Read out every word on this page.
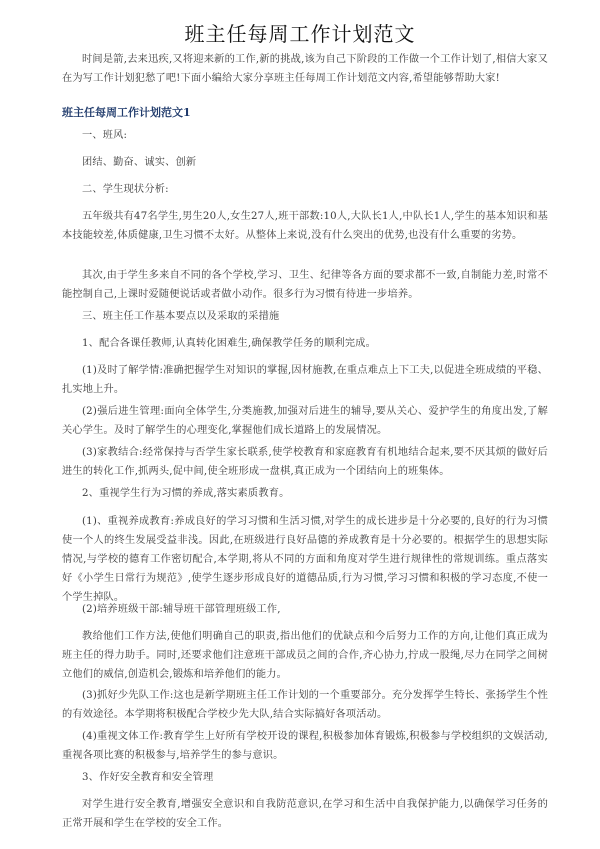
班主任每周工作计划范文
时间是箭,去来迅疾,又将迎来新的工作,新的挑战,该为自己下阶段的工作做一个工作计划了,相信大家又在为写工作计划犯愁了吧!下面小编给大家分享班主任每周工作计划范文内容,希望能够帮助大家!
班主任每周工作计划范文1
一、班风:
团结、勤奋、诚实、创新
二、学生现状分析:
五年级共有47名学生,男生20人,女生27人,班干部数:10人,大队长1人,中队长1人,学生的基本知识和基本技能较差,体质健康,卫生习惯不太好。从整体上来说,没有什么突出的优势,也没有什么重要的劣势。
其次,由于学生多来自不同的各个学校,学习、卫生、纪律等各方面的要求都不一致,自制能力差,时常不能控制自己,上课时爱随便说话或者做小动作。很多行为习惯有待进一步培养。
三、班主任工作基本要点以及采取的采措施
1、配合各课任教师,认真转化困难生,确保教学任务的顺利完成。
(1)及时了解学情:准确把握学生对知识的掌握,因材施教,在重点难点上下工夫,以促进全班成绩的平稳、扎实地上升。
(2)强后进生管理:面向全体学生,分类施教,加强对后进生的辅导,要从关心、爱护学生的角度出发,了解关心学生。及时了解学生的心理变化,掌握他们成长道路上的发展情况。
(3)家教结合:经常保持与否学生家长联系,使学校教育和家庭教育有机地结合起来,要不厌其烦的做好后进生的转化工作,抓两头,促中间,使全班形成一盘棋,真正成为一个团结向上的班集体。
2、重视学生行为习惯的养成,落实素质教育。
(1)、重视养成教育:养成良好的学习习惯和生活习惯,对学生的成长进步是十分必要的,良好的行为习惯使一个人的终生发展受益非浅。因此,在班级进行良好品德的养成教育是十分必要的。根据学生的思想实际情况,与学校的德育工作密切配合,本学期,将从不同的方面和角度对学生进行规律性的常规训练。重点落实好《小学生日常行为规范》,使学生逐步形成良好的道德品质,行为习惯,学习习惯和积极的学习态度,不使一个学生掉队。
(2)培养班级干部:辅导班干部管理班级工作,
教给他们工作方法,使他们明确自己的职责,指出他们的优缺点和今后努力工作的方向,让他们真正成为班主任的得力助手。同时,还要求他们注意班干部成员之间的合作,齐心协力,拧成一股绳,尽力在同学之间树立他们的威信,创造机会,锻炼和培养他们的能力。
(3)抓好少先队工作:这也是新学期班主任工作计划的一个重要部分。充分发挥学生特长、张扬学生个性的有效途径。本学期将积极配合学校少先大队,结合实际搞好各项活动。
(4)重视文体工作:教育学生上好所有学校开设的课程,积极参加体育锻炼,积极参与学校组织的文娱活动,重视各项比赛的积极参与,培养学生的参与意识。
3、作好安全教育和安全管理
对学生进行安全教育,增强安全意识和自我防范意识,在学习和生活中自我保护能力,以确保学习任务的正常开展和学生在学校的安全工作。
